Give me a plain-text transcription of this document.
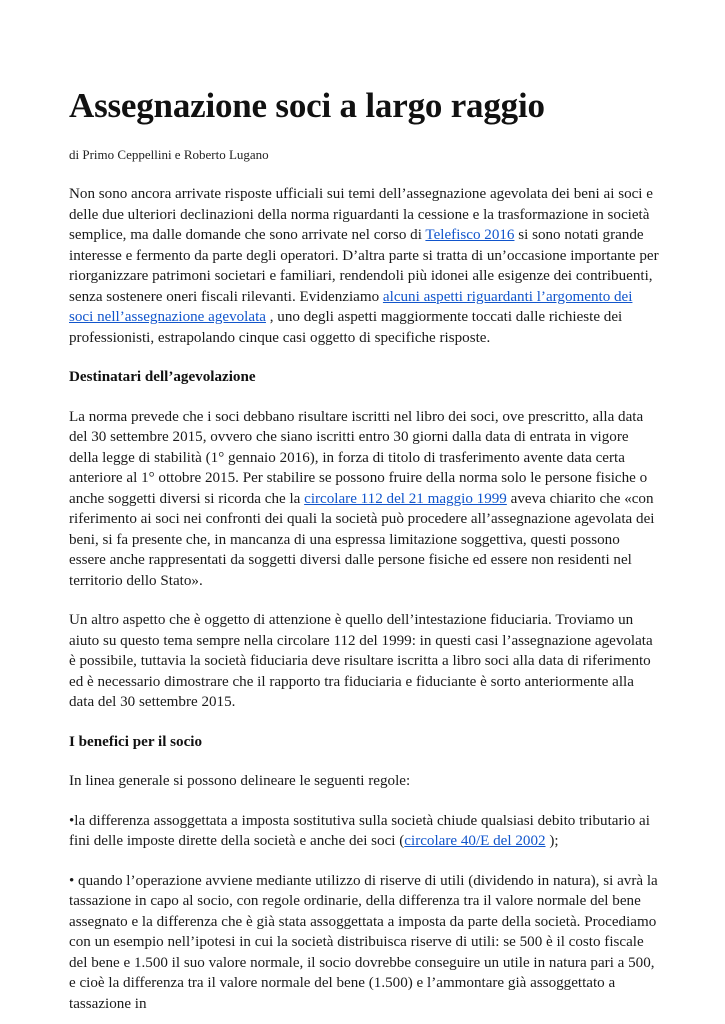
Assegnazione soci a largo raggio
di Primo Ceppellini e Roberto Lugano

Non sono ancora arrivate risposte ufficiali sui temi dell’assegnazione agevolata dei beni ai soci e delle due ulteriori declinazioni della norma riguardanti la cessione e la trasformazione in società semplice, ma dalle domande che sono arrivate nel corso di Telefisco 2016 si sono notati grande interesse e fermento da parte degli operatori. D’altra parte si tratta di un’occasione importante per riorganizzare patrimoni societari e familiari, rendendoli più idonei alle esigenze dei contribuenti, senza sostenere oneri fiscali rilevanti. Evidenziamo alcuni aspetti riguardanti l’argomento dei soci nell’assegnazione agevolata , uno degli aspetti maggiormente toccati dalle richieste dei professionisti, estrapolando cinque casi oggetto di specifiche risposte.

Destinatari dell’agevolazione

La norma prevede che i soci debbano risultare iscritti nel libro dei soci, ove prescritto, alla data del 30 settembre 2015, ovvero che siano iscritti entro 30 giorni dalla data di entrata in vigore della legge di stabilità (1° gennaio 2016), in forza di titolo di trasferimento avente data certa anteriore al 1° ottobre 2015. Per stabilire se possono fruire della norma solo le persone fisiche o anche soggetti diversi si ricorda che la circolare 112 del 21 maggio 1999 aveva chiarito che «con riferimento ai soci nei confronti dei quali la società può procedere all’assegnazione agevolata dei beni, si fa presente che, in mancanza di una espressa limitazione soggettiva, questi possono essere anche rappresentati da soggetti diversi dalle persone fisiche ed essere non residenti nel territorio dello Stato».

Un altro aspetto che è oggetto di attenzione è quello dell’intestazione fiduciaria. Troviamo un aiuto su questo tema sempre nella circolare 112 del 1999: in questi casi l’assegnazione agevolata è possibile, tuttavia la società fiduciaria deve risultare iscritta a libro soci alla data di riferimento ed è necessario dimostrare che il rapporto tra fiduciaria e fiduciante è sorto anteriormente alla data del 30 settembre 2015.

I benefici per il socio

In linea generale si possono delineare le seguenti regole:

•la differenza assoggettata a imposta sostitutiva sulla società chiude qualsiasi debito tributario ai fini delle imposte dirette della società e anche dei soci (circolare 40/E del 2002 );

• quando l’operazione avviene mediante utilizzo di riserve di utili (dividendo in natura), si avrà la tassazione in capo al socio, con regole ordinarie, della differenza tra il valore normale del bene assegnato e la differenza che è già stata assoggettata a imposta da parte della società. Procediamo con un esempio nell’ipotesi in cui la società distribuisca riserve di utili: se 500 è il costo fiscale del bene e 1.500 il suo valore normale, il socio dovrebbe conseguire un utile in natura pari a 500, e cioè la differenza tra il valore normale del bene (1.500) e l’ammontare già assoggettato a tassazione in
